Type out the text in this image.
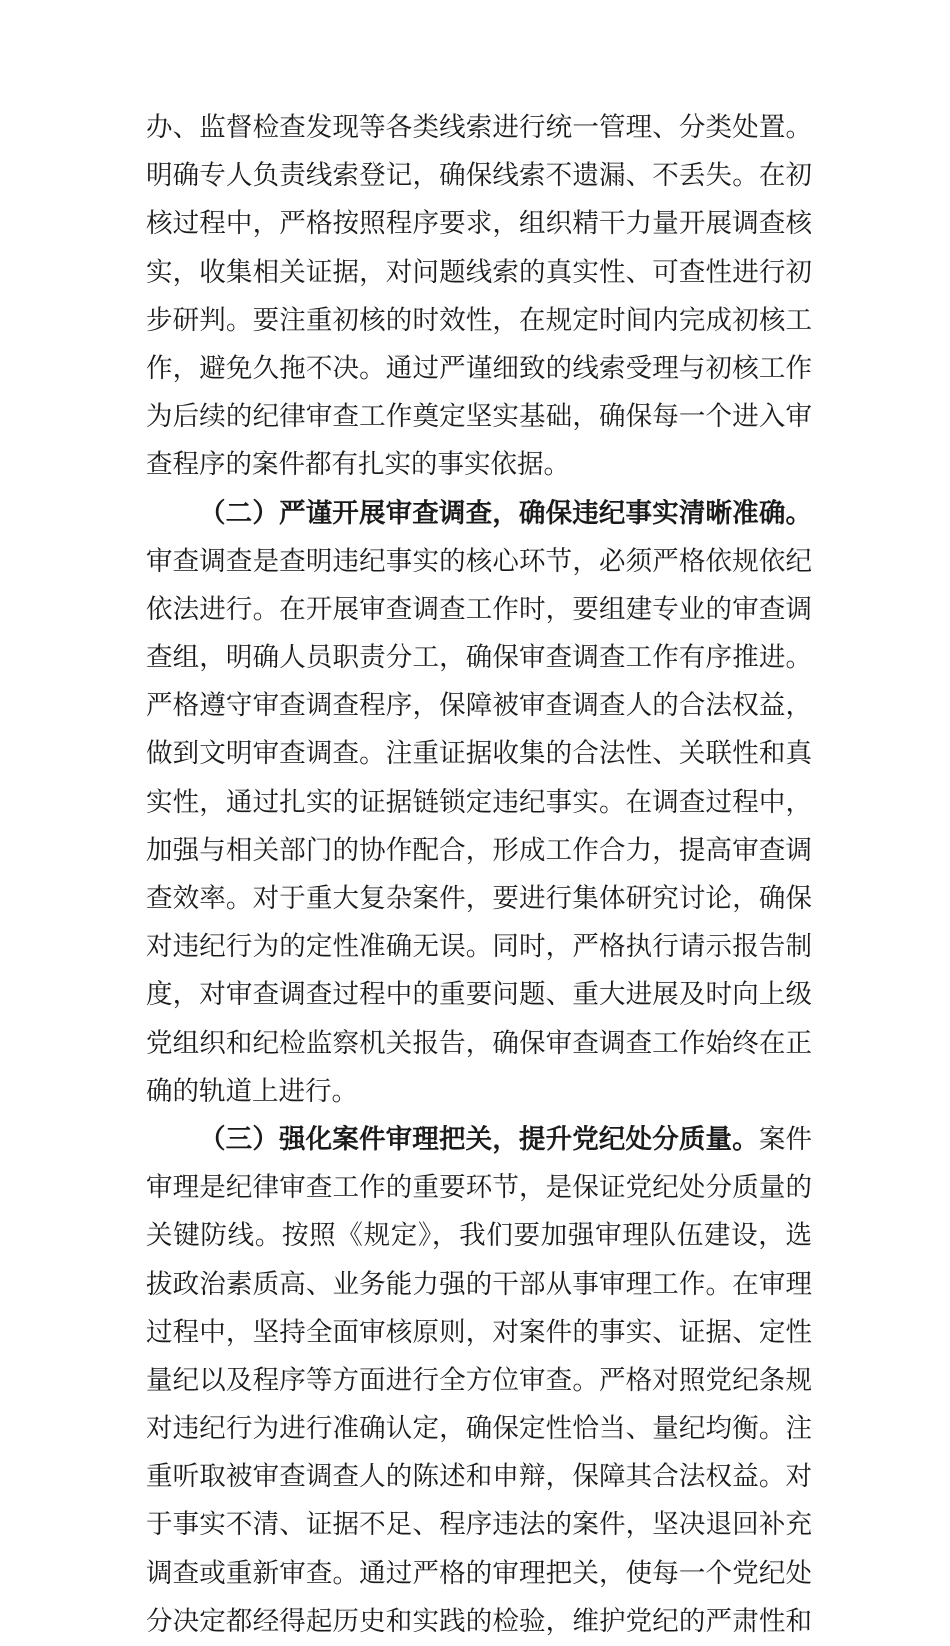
办、监督检查发现等各类线索进行统一管理、分类处置。
明确专人负责线索登记，确保线索不遗漏、不丢失。在初
核过程中，严格按照程序要求，组织精干力量开展调查核
实，收集相关证据，对问题线索的真实性、可查性进行初
步研判。要注重初核的时效性，在规定时间内完成初核工
作，避免久拖不决。通过严谨细致的线索受理与初核工作
为后续的纪律审查工作奠定坚实基础，确保每一个进入审
查程序的案件都有扎实的事实依据。
（二）严谨开展审查调查，确保违纪事实清晰准确。
审查调查是查明违纪事实的核心环节，必须严格依规依纪
依法进行。在开展审查调查工作时，要组建专业的审查调
查组，明确人员职责分工，确保审查调查工作有序推进。
严格遵守审查调查程序，保障被审查调查人的合法权益，
做到文明审查调查。注重证据收集的合法性、关联性和真
实性，通过扎实的证据链锁定违纪事实。在调查过程中，
加强与相关部门的协作配合，形成工作合力，提高审查调
查效率。对于重大复杂案件，要进行集体研究讨论，确保
对违纪行为的定性准确无误。同时，严格执行请示报告制
度，对审查调查过程中的重要问题、重大进展及时向上级
党组织和纪检监察机关报告，确保审查调查工作始终在正
确的轨道上进行。
（三）强化案件审理把关，提升党纪处分质量。案件
审理是纪律审查工作的重要环节，是保证党纪处分质量的
关键防线。按照《规定》，我们要加强审理队伍建设，选
拔政治素质高、业务能力强的干部从事审理工作。在审理
过程中，坚持全面审核原则，对案件的事实、证据、定性
量纪以及程序等方面进行全方位审查。严格对照党纪条规
对违纪行为进行准确认定，确保定性恰当、量纪均衡。注
重听取被审查调查人的陈述和申辩，保障其合法权益。对
于事实不清、证据不足、程序违法的案件，坚决退回补充
调查或重新审查。通过严格的审理把关，使每一个党纪处
分决定都经得起历史和实践的检验，维护党纪的严肃性和
